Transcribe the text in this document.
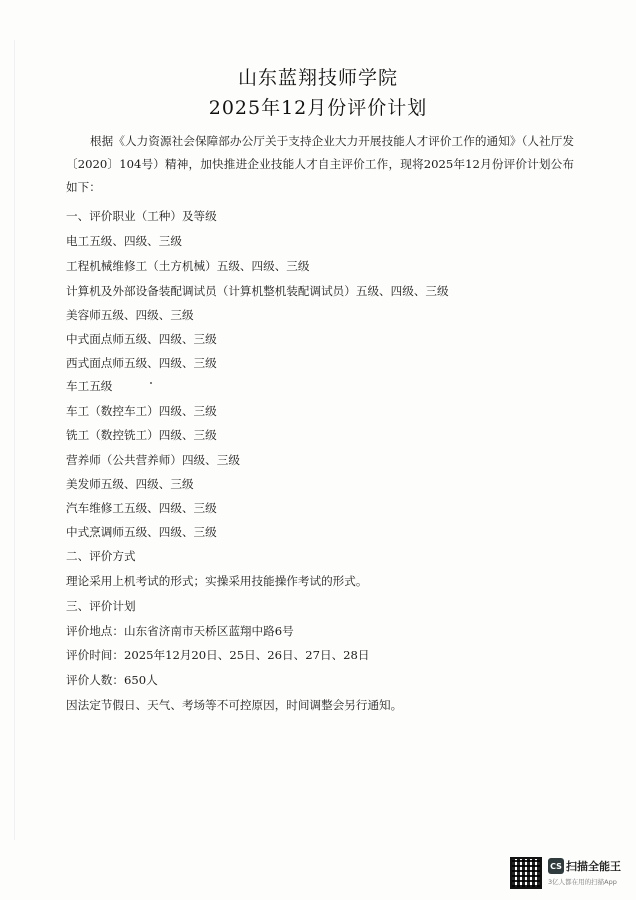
山东蓝翔技师学院
2025年12月份评价计划
根据《人力资源社会保障部办公厅关于支持企业大力开展技能人才评价工作的通知》（人社厅发〔2020〕104号）精神，加快推进企业技能人才自主评价工作，现将2025年12月份评价计划公布如下：
一、评价职业（工种）及等级
电工五级、四级、三级
工程机械维修工（土方机械）五级、四级、三级
计算机及外部设备装配调试员（计算机整机装配调试员）五级、四级、三级
美容师五级、四级、三级
中式面点师五级、四级、三级
西式面点师五级、四级、三级
车工五级
车工（数控车工）四级、三级
铣工（数控铣工）四级、三级
营养师（公共营养师）四级、三级
美发师五级、四级、三级
汽车维修工五级、四级、三级
中式烹调师五级、四级、三级
二、评价方式
理论采用上机考试的形式；实操采用技能操作考试的形式。
三、评价计划
评价地点：山东省济南市天桥区蓝翔中路6号
评价时间：2025年12月20日、25日、26日、27日、28日
评价人数：650人
因法定节假日、天气、考场等不可控原因，时间调整会另行通知。
CS 扫描全能王
3亿人都在用的扫描App
